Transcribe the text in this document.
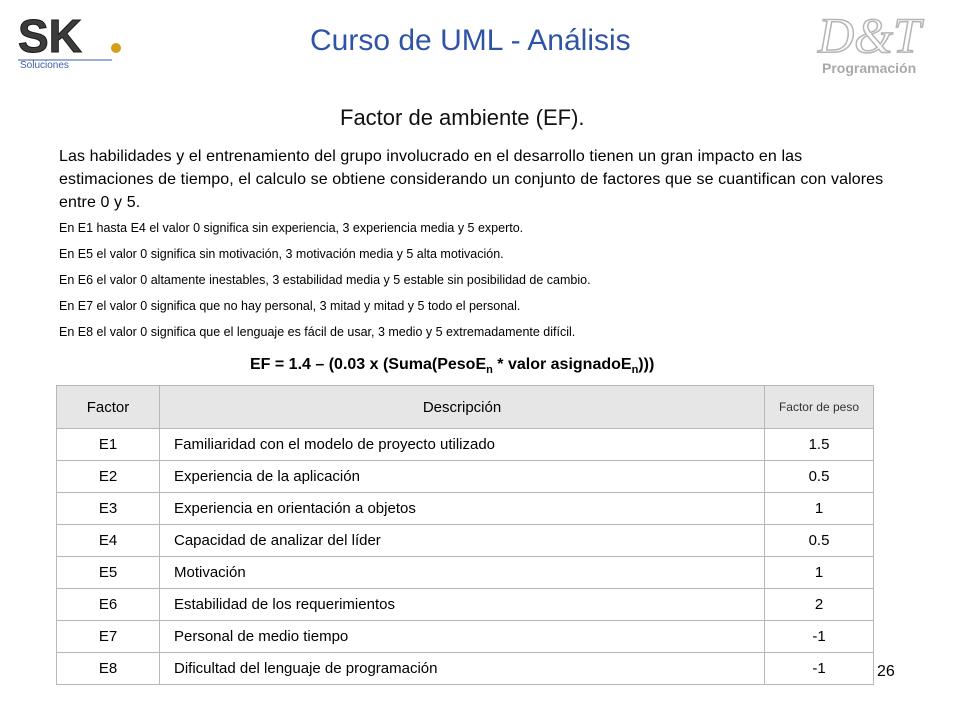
SK
Soluciones
D&T
Programación
Curso de UML - Análisis
Factor de ambiente (EF).
Las habilidades y el entrenamiento del grupo involucrado en el desarrollo tienen un gran impacto en las estimaciones de tiempo, el calculo se obtiene considerando un conjunto de factores que se cuantifican con valores entre 0 y 5.
En E1 hasta E4 el valor 0 significa sin experiencia, 3 experiencia media y 5 experto.
En E5 el valor 0 significa sin motivación, 3 motivación media y 5 alta motivación.
En E6 el valor 0 altamente inestables, 3 estabilidad media y 5 estable sin posibilidad de cambio.
En E7 el valor 0 significa que no hay personal, 3 mitad y mitad y 5 todo el personal.
En E8 el valor 0 significa que el lenguaje es fácil de usar, 3 medio y 5 extremadamente difícil.
EF = 1.4 – (0.03 x (Suma(PesoE$_n$ * valor asignadoE$_n$)))
Factor	Descripción	Factor de peso
E1	Familiaridad con el modelo de proyecto utilizado	1.5
E2	Experiencia de la aplicación	0.5
E3	Experiencia en orientación a objetos	1
E4	Capacidad de analizar del líder	0.5
E5	Motivación	1
E6	Estabilidad de los requerimientos	2
E7	Personal de medio tiempo	-1
E8	Dificultad del lenguaje de programación	-1	26
